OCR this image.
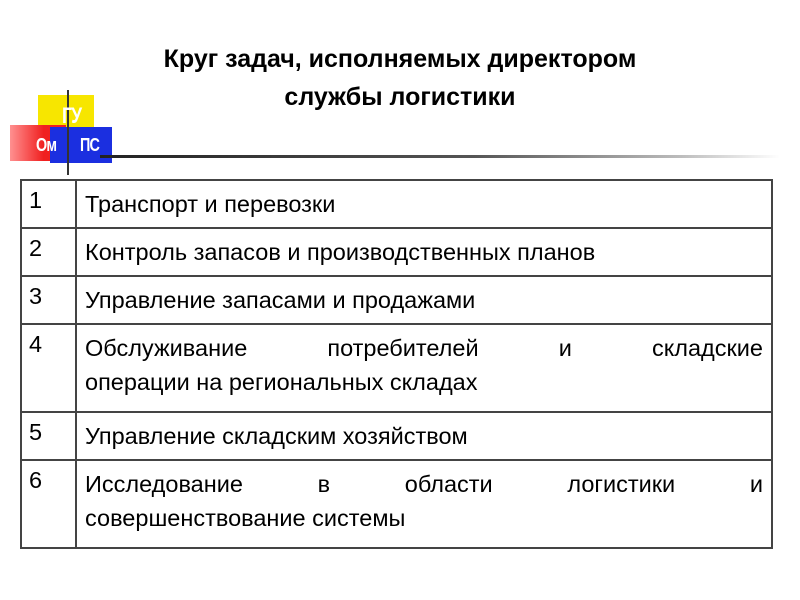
Круг задач, исполняемых директором
службы логистики
ГУ
Ом ПС
1	Транспорт и перевозки
2	Контроль запасов и производственных планов
3	Управление запасами и продажами
4	Обслуживание потребителей и складские
операции на региональных складах
5	Управление складским хозяйством
6	Исследование в области логистики и
совершенствование системы
